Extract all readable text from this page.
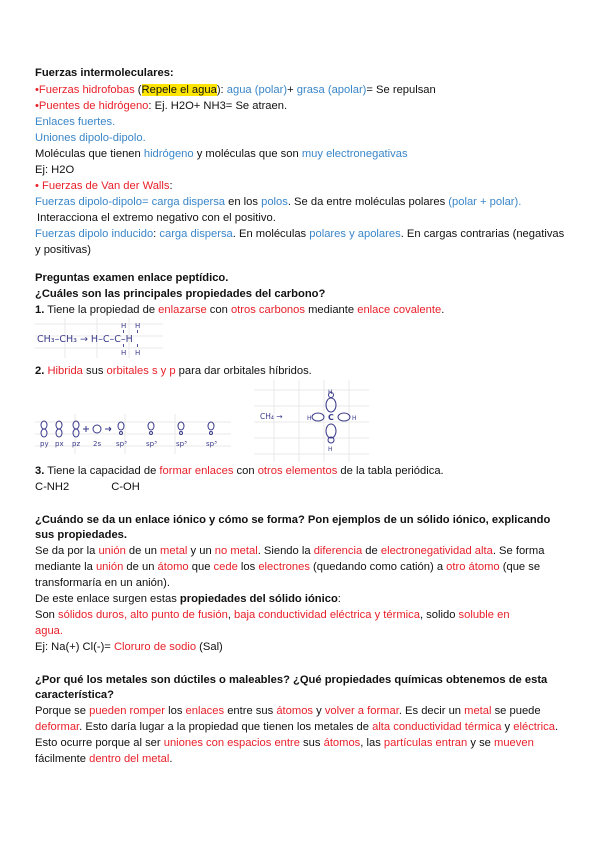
Fuerzas intermoleculares:
•Fuerzas hidrofobas (Repele el agua): agua (polar)+ grasa (apolar)= Se repulsan
•Puentes de hidrógeno: Ej. H2O+ NH3= Se atraen.
Enlaces fuertes.
Uniones dipolo-dipolo.
Moléculas que tienen hidrógeno y moléculas que son muy electronegativas
Ej: H2O
• Fuerzas de Van der Walls:
Fuerzas dipolo-dipolo= carga dispersa en los polos. Se da entre moléculas polares (polar + polar).
Interacciona el extremo negativo con el positivo.
Fuerzas dipolo inducido: carga dispersa. En moléculas polares y apolares. En cargas contrarias (negativas
y positivas)
Preguntas examen enlace peptídico.
¿Cuáles son las principales propiedades del carbono?
1. Tiene la propiedad de enlazarse con otros carbonos mediante enlace covalente.
CH₃–CH₃ → H–C–C–H
H H
H H
2. Hibrida sus orbitales s y p para dar orbitales híbridos.
py px pz 2s sp³	sp³	sp³	sp³
CH₄ →	C
H
H
H	H
3. Tiene la capacidad de formar enlaces con otros elementos de la tabla periódica.
C-NH2	C-OH
¿Cuándo se da un enlace iónico y cómo se forma? Pon ejemplos de un sólido iónico, explicando
sus propiedades.
Se da por la unión de un metal y un no metal. Siendo la diferencia de electronegatividad alta. Se forma
mediante la unión de un átomo que cede los electrones (quedando como catión) a otro átomo (que se
transformaría en un anión).
De este enlace surgen estas propiedades del sólido iónico:
Son sólidos duros, alto punto de fusión, baja conductividad eléctrica y térmica, solido soluble en
agua.
Ej: Na(+) Cl(-)= Cloruro de sodio (Sal)
¿Por qué los metales son dúctiles o maleables? ¿Qué propiedades químicas obtenemos de esta
característica?
Porque se pueden romper los enlaces entre sus átomos y volver a formar. Es decir un metal se puede
deformar. Esto daría lugar a la propiedad que tienen los metales de alta conductividad térmica y eléctrica.
Esto ocurre porque al ser uniones con espacios entre sus átomos, las partículas entran y se mueven
fácilmente dentro del metal.
